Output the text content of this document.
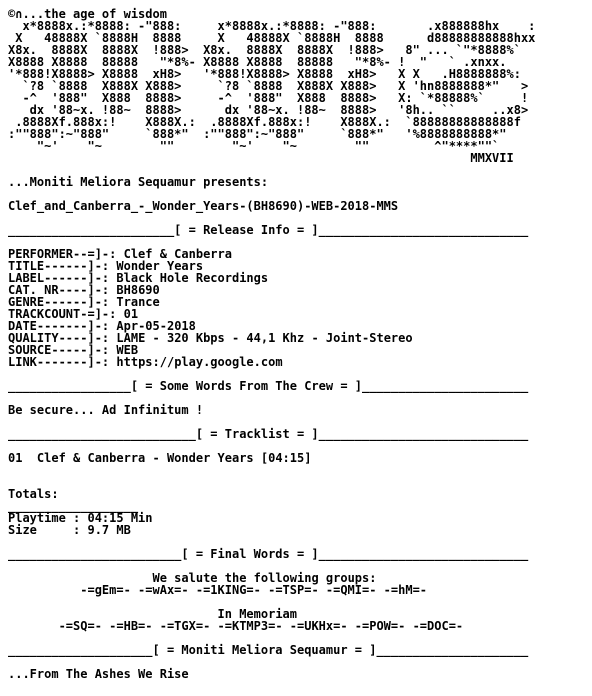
©∩...the age of wisdom
x*8888x.:*8888: -"888:     x*8888x.:*8888: -"888:       .x888888hx    :
X   48888X `8888H  8888     X   48888X `8888H  8888      d88888888888hxx
X8x.  8888X  8888X  !888>  X8x.  8888X  8888X  !888>   8" ... `"*8888%`
X8888 X8888  88888   "*8%- X8888 X8888  88888   "*8%- !  "   ` .xnxx.
'*888!X8888> X8888  xH8>   '*888!X8888> X8888  xH8>   X X   .H8888888%:
`?8 `8888  X888X X888>     `?8 `8888  X888X X888>   X 'hn8888888*"   >
-^  '888"  X888  8888>     -^  '888"  X888  8888>   X: `*88888%`     !
dx '88~x. !88~  8888>      dx '88~x. !88~  8888>   '8h.. ``     ..x8>
.8888Xf.888x:!    X888X.:  .8888Xf.888x:!    X888X.:  `88888888888888f
:""888":~"888"     `888*"  :""888":~"888"     `888*"   '%8888888888*"
"~'    "~        ""        "~'    "~        ""         ^"****""`
MMXVII

...Moniti Meliora Sequamur presents:

Clef_and_Canberra_-_Wonder_Years-(BH8690)-WEB-2018-MMS

_______________________[ = Release Info = ]_____________________________

PERFORMER--=]-: Clef & Canberra
TITLE------]-: Wonder Years
LABEL------]-: Black Hole Recordings
CAT. NR----]-: BH8690
GENRE------]-: Trance
TRACKCOUNT-=]-: 01
DATE-------]-: Apr-05-2018
QUALITY----]-: LAME - 320 Kbps - 44,1 Khz - Joint-Stereo
SOURCE-----]-: WEB
LINK-------]-: https://play.google.com

_________________[ = Some Words From The Crew = ]_______________________

Be secure... Ad Infinitum !

__________________________[ = Tracklist = ]_____________________________

01 Clef & Canberra - Wonder Years [04:15]

Totals:
__________________
Playtime : 04:15 Min
Size     : 9.7 MB

________________________[ = Final Words = ]_____________________________

We salute the following groups:
-=gEm=- -=wAx=- -=1KING=- -=TSP=- -=QMI=- -=hM=-

In Memoriam
-=SQ=- -=HB=- -=TGX=- -=KTMP3=- -=UKHx=- -=POW=- -=DOC=-

____________________[ = Moniti Meliora Sequamur = ]_____________________

...From The Ashes We Rise
